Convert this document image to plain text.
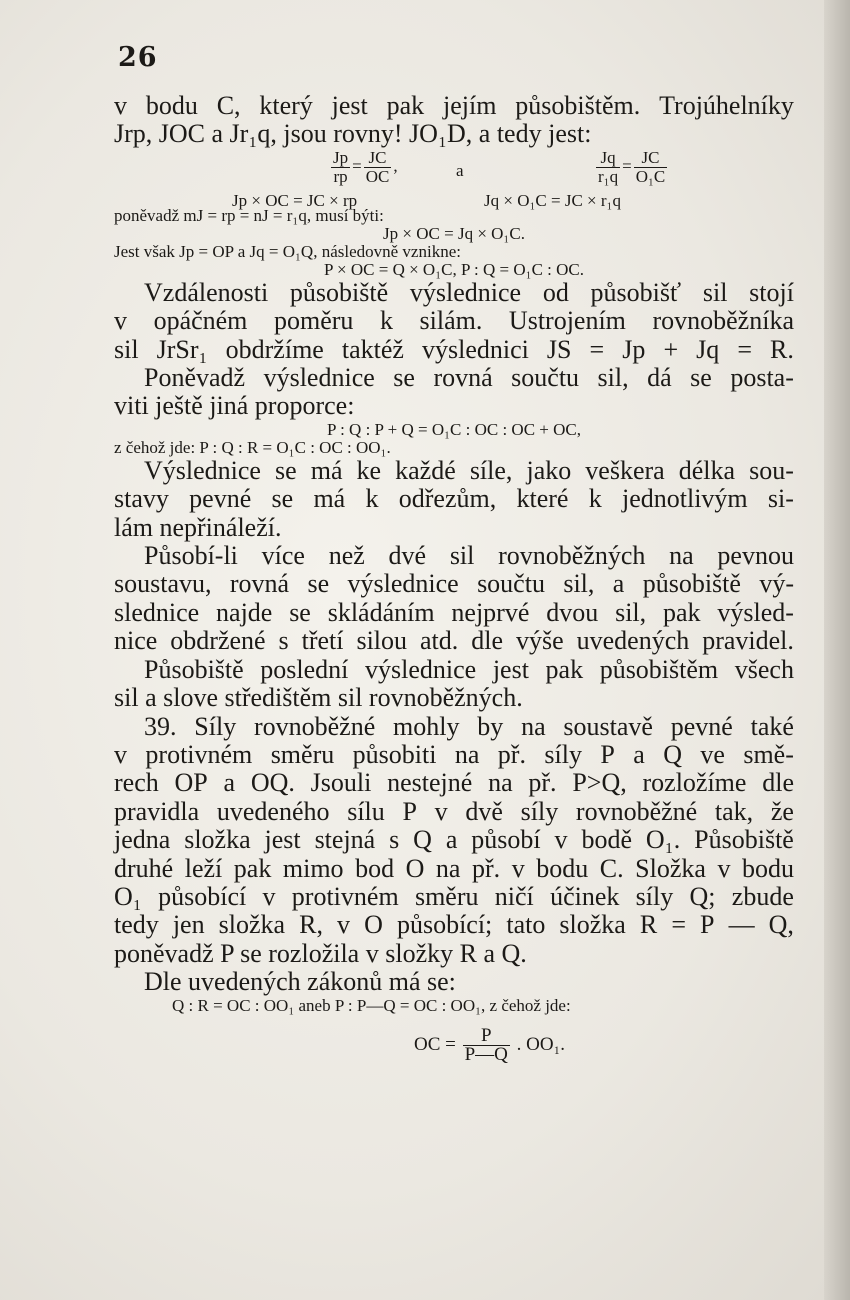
26
v bodu C, který jest pak jejím působištěm. Trojúhelníky
Jrp, JOC a Jr₁q, jsou rovny! JO₁D, a tedy jest:
$\frac{Jp}{rp} = \frac{JC}{OC}$ ,	a	$\frac{Jq}{\text{r₁q}} = \frac{JC}{\text{O₁C}}$
Jp × OC = JC × rp	Jq × O₁C = JC × r₁q
poněvadž mJ = rp = nJ = r₁q, musí býti:
Jp × OC = Jq × O₁C.
Jest však Jp = OP a Jq = O₁Q, následovně vznikne:
P × OC = Q × O₁C, P : Q = O₁C : OC.
Vzdálenosti působiště výslednice od působišť sil stojí
v opáčném poměru k silám. Ustrojením rovnoběžníka
sil JrSr₁ obdržíme taktéž výslednici JS = Jp + Jq = R.
Poněvadž výslednice se rovná součtu sil, dá se posta-
viti ještě jiná proporce:
P : Q : P + Q = O₁C : OC : OC + OC,
z čehož jde: P : Q : R = O₁C : OC : OO₁.
Výslednice se má ke každé síle, jako veškera délka sou-
stavy pevné se má k odřezům, které k jednotlivým si-
lám nepřináleží.
Působí-li více než dvé sil rovnoběžných na pevnou
soustavu, rovná se výslednice součtu sil, a působiště vý-
slednice najde se skládáním nejprvé dvou sil, pak výsled-
nice obdržené s třetí silou atd. dle výše uvedených pravidel.
Působiště poslední výslednice jest pak působištěm všech
sil a slove středištěm sil rovnoběžných.
39. Síly rovnoběžné mohly by na soustavě pevné také
v protivném směru působiti na př. síly P a Q ve smě-
rech OP a OQ. Jsouli nestejné na př. P>Q, rozložíme dle
pravidla uvedeného sílu P v dvě síly rovnoběžné tak, že
jedna složka jest stejná s Q a působí v bodě O₁. Působiště
druhé leží pak mimo bod O na př. v bodu C. Složka v bodu
O₁ působící v protivném směru ničí účinek síly Q; zbude
tedy jen složka R, v O působící; tato složka R = P — Q,
poněvadž P se rozložila v složky R a Q.
Dle uvedených zákonů má se:
Q : R = OC : OO₁ aneb P : P—Q = OC : OO₁, z čehož jde:
OC = $\frac{P}{P—Q}$ . OO₁.
